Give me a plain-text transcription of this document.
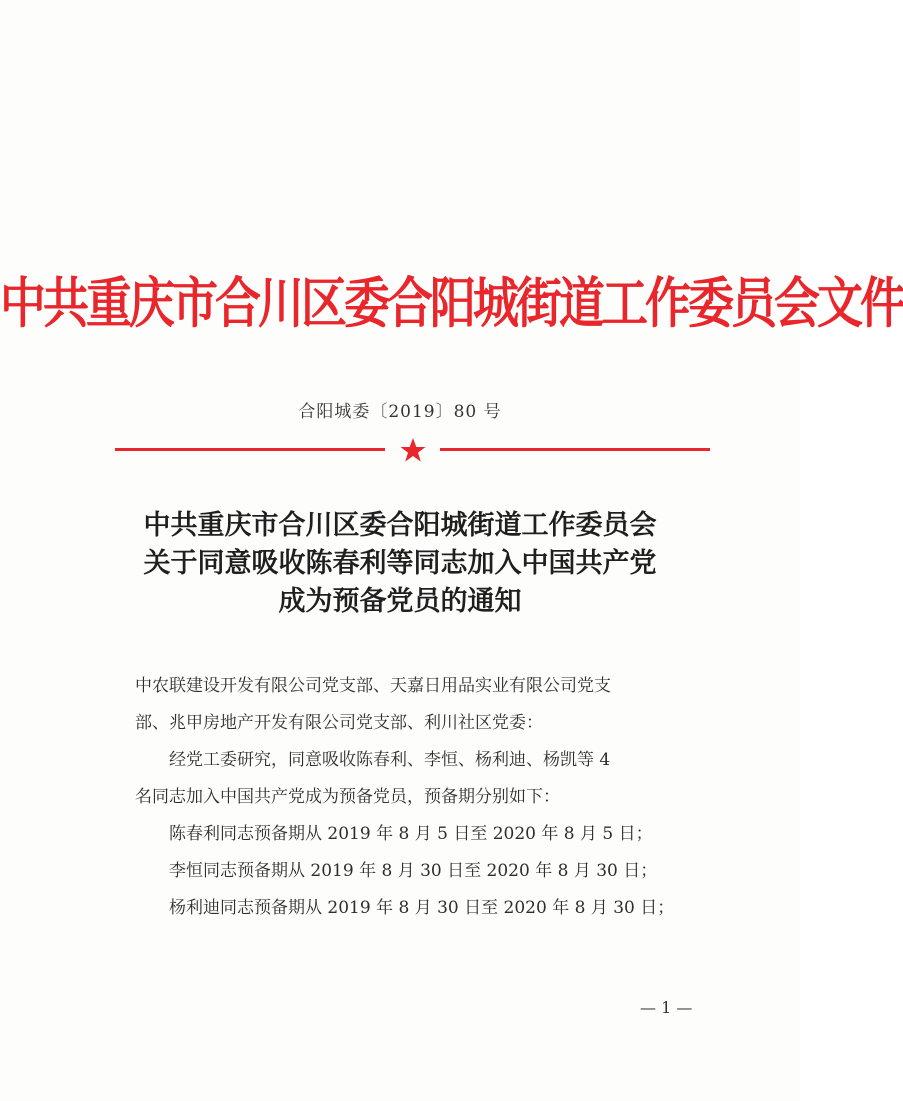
中共重庆市合川区委合阳城街道工作委员会文件
合阳城委〔2019〕80 号
中共重庆市合川区委合阳城街道工作委员会
关于同意吸收陈春利等同志加入中国共产党
成为预备党员的通知

中农联建设开发有限公司党支部、天嘉日用品实业有限公司党支

部、兆甲房地产开发有限公司党支部、利川社区党委：

经党工委研究，同意吸收陈春利、李恒、杨利迪、杨凯等 4

名同志加入中国共产党成为预备党员，预备期分别如下：

陈春利同志预备期从 2019 年 8 月 5 日至 2020 年 8 月 5 日；

李恒同志预备期从 2019 年 8 月 30 日至 2020 年 8 月 30 日；

杨利迪同志预备期从 2019 年 8 月 30 日至 2020 年 8 月 30 日；

— 1 —
